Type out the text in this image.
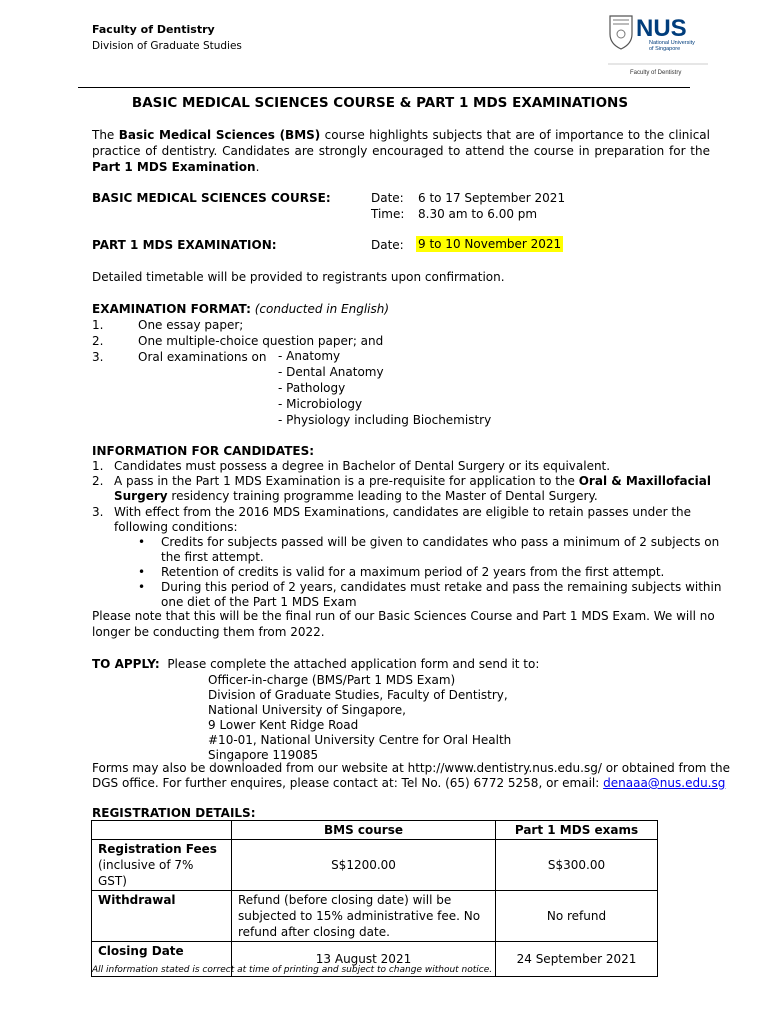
Faculty of Dentistry
Division of Graduate Studies
NUS
National University
of Singapore
Faculty of Dentistry
BASIC MEDICAL SCIENCES COURSE & PART 1 MDS EXAMINATIONS
The Basic Medical Sciences (BMS) course highlights subjects that are of importance to the clinical practice of dentistry. Candidates are strongly encouraged to attend the course in preparation for the Part 1 MDS Examination.
BASIC MEDICAL SCIENCES COURSE:	Date: 6 to 17 September 2021
Time: 8.30 am to 6.00 pm
PART 1 MDS EXAMINATION:	Date: 9 to 10 November 2021
Detailed timetable will be provided to registrants upon confirmation.
EXAMINATION FORMAT: (conducted in English)
1.	One essay paper;
2.	One multiple-choice question paper; and
3.	Oral examinations on - Anatomy
- Dental Anatomy
- Pathology
- Microbiology
- Physiology including Biochemistry
INFORMATION FOR CANDIDATES:
1. Candidates must possess a degree in Bachelor of Dental Surgery or its equivalent.
2. A pass in the Part 1 MDS Examination is a pre-requisite for application to the Oral & Maxillofacial
Surgery residency training programme leading to the Master of Dental Surgery.
3. With effect from the 2016 MDS Examinations, candidates are eligible to retain passes under the
following conditions:
• Credits for subjects passed will be given to candidates who pass a minimum of 2 subjects on
the first attempt.
• Retention of credits is valid for a maximum period of 2 years from the first attempt.
• During this period of 2 years, candidates must retake and pass the remaining subjects within
one diet of the Part 1 MDS Exam
Please note that this will be the final run of our Basic Sciences Course and Part 1 MDS Exam. We will no
longer be conducting them from 2022.
TO APPLY: Please complete the attached application form and send it to:
Officer-in-charge (BMS/Part 1 MDS Exam)
Division of Graduate Studies, Faculty of Dentistry,
National University of Singapore,
9 Lower Kent Ridge Road
#10-01, National University Centre for Oral Health
Singapore 119085
Forms may also be downloaded from our website at http://www.dentistry.nus.edu.sg/ or obtained from the
DGS office. For further enquires, please contact at: Tel No. (65) 6772 5258, or email: denaaa@nus.edu.sg
REGISTRATION DETAILS:
	BMS course	Part 1 MDS exams

Registration Fees
(inclusive of 7% GST)	S$1200.00	S$300.00

Withdrawal	Refund (before closing date) will be subjected to 15% administrative fee. No refund after closing date.	No refund

Closing Date	13 August 2021	24 September 2021
All information stated is correct at time of printing and subject to change without notice.
